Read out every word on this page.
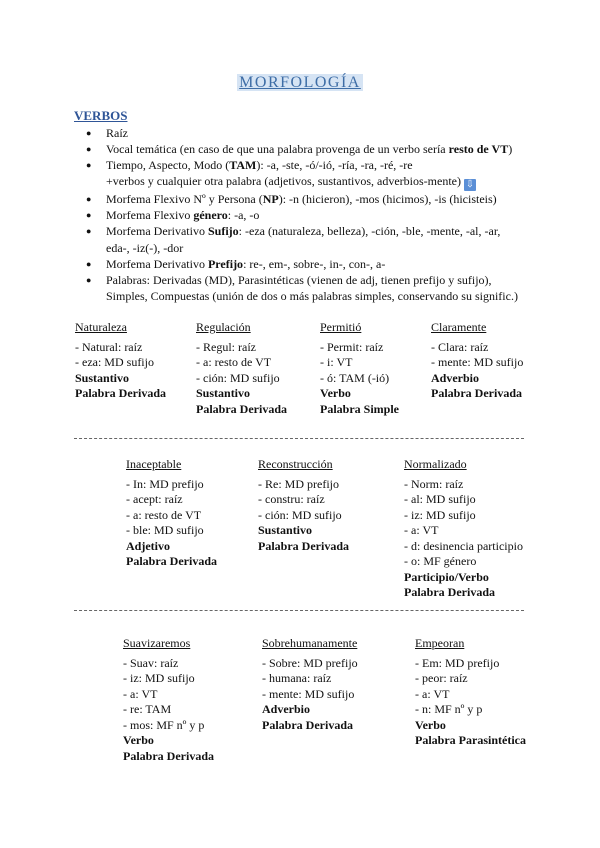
MORFOLOGÍA
VERBOS
● Raíz
● Vocal temática (en caso de que una palabra provenga de un verbo sería resto de VT)
● Tiempo, Aspecto, Modo (TAM): -a, -ste, -ó/-ió, -ría, -ra, -ré, -re
+verbos y cualquier otra palabra (adjetivos, sustantivos, adverbios-mente) ⇩
● Morfema Flexivo Nº y Persona (NP): -n (hicieron), -mos (hicimos), -is (hicisteis)
● Morfema Flexivo género: -a, -o
● Morfema Derivativo Sufijo: -eza (naturaleza, belleza), -ción, -ble, -mente, -al, -ar,
eda-, -iz(-), -dor
● Morfema Derivativo Prefijo: re-, em-, sobre-, in-, con-, a-
● Palabras: Derivadas (MD), Parasintéticas (vienen de adj, tienen prefijo y sufijo),
Simples, Compuestas (unión de dos o más palabras simples, conservando su signific.)
Naturaleza
- Natural: raíz
- eza: MD sufijo
Sustantivo
Palabra Derivada
Regulación
- Regul: raíz
- a: resto de VT
- ción: MD sufijo
Sustantivo
Palabra Derivada
Permitió
- Permit: raíz
- i: VT
- ó: TAM (-ió)
Verbo
Palabra Simple
Claramente
- Clara: raíz
- mente: MD sufijo
Adverbio
Palabra Derivada
Inaceptable
- In: MD prefijo
- acept: raíz
- a: resto de VT
- ble: MD sufijo
Adjetivo
Palabra Derivada
Reconstrucción
- Re: MD prefijo
- constru: raíz
- ción: MD sufijo
Sustantivo
Palabra Derivada
Normalizado
- Norm: raíz
- al: MD sufijo
- iz: MD sufijo
- a: VT
- d: desinencia participio
- o: MF género
Participio/Verbo
Palabra Derivada
Suavizaremos
- Suav: raíz
- iz: MD sufijo
- a: VT
- re: TAM
- mos: MF nº y p
Verbo
Palabra Derivada
Sobrehumanamente
- Sobre: MD prefijo
- humana: raíz
- mente: MD sufijo
Adverbio
Palabra Derivada
Empeoran
- Em: MD prefijo
- peor: raíz
- a: VT
- n: MF nº y p
Verbo
Palabra Parasintética
